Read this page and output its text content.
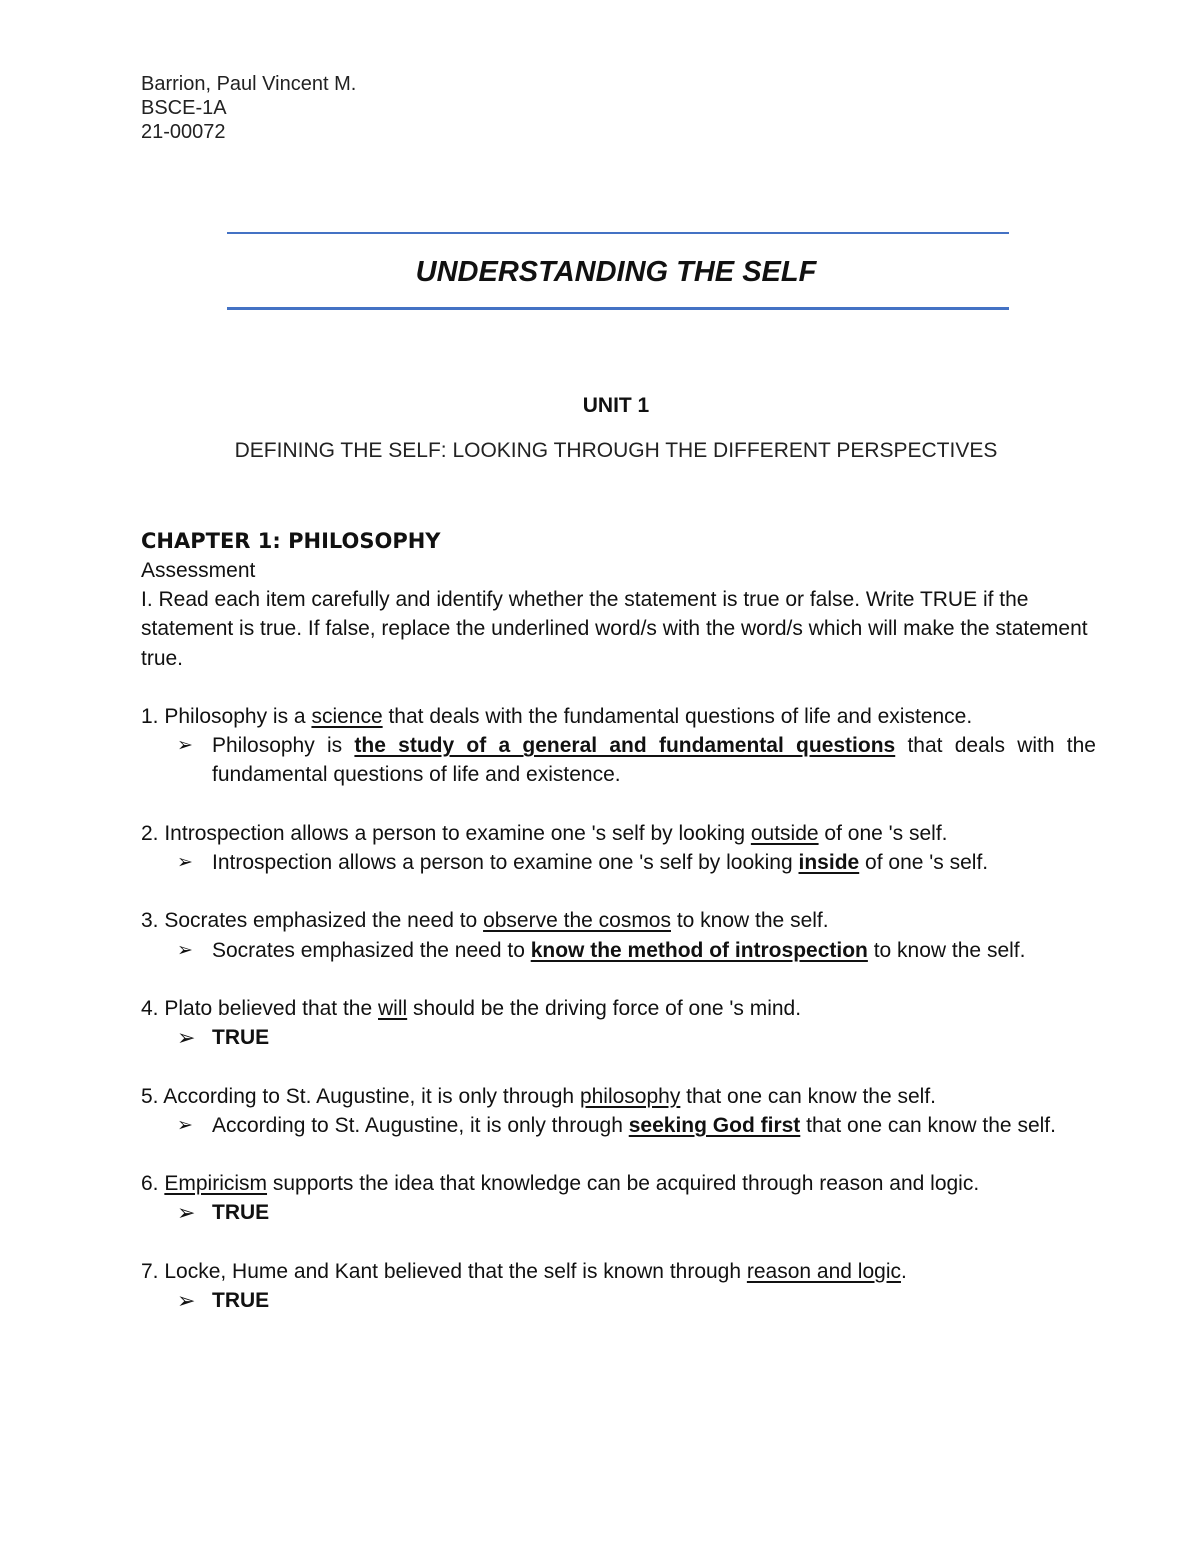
Barrion, Paul Vincent M.
BSCE-1A
21-00072
UNDERSTANDING THE SELF
UNIT 1
DEFINING THE SELF: LOOKING THROUGH THE DIFFERENT PERSPECTIVES

CHAPTER 1: PHILOSOPHY

Assessment

I. Read each item carefully and identify whether the statement is true or false. Write TRUE if the statement is true. If false, replace the underlined word/s with the word/s which will make the statement true.

1. Philosophy is a science that deals with the fundamental questions of life and existence.

➢ Philosophy is the study of a general and fundamental questions that deals with the fundamental questions of life and existence.

2. Introspection allows a person to examine one 's self by looking outside of one 's self.

➢ Introspection allows a person to examine one 's self by looking inside of one 's self.

3. Socrates emphasized the need to observe the cosmos to know the self.

➢ Socrates emphasized the need to know the method of introspection to know the self.

4. Plato believed that the will should be the driving force of one 's mind.

➢ TRUE

5. According to St. Augustine, it is only through philosophy that one can know the self.

➢ According to St. Augustine, it is only through seeking God first that one can know the self.

6. Empiricism supports the idea that knowledge can be acquired through reason and logic.

➢ TRUE

7. Locke, Hume and Kant believed that the self is known through reason and logic.

➢ TRUE
